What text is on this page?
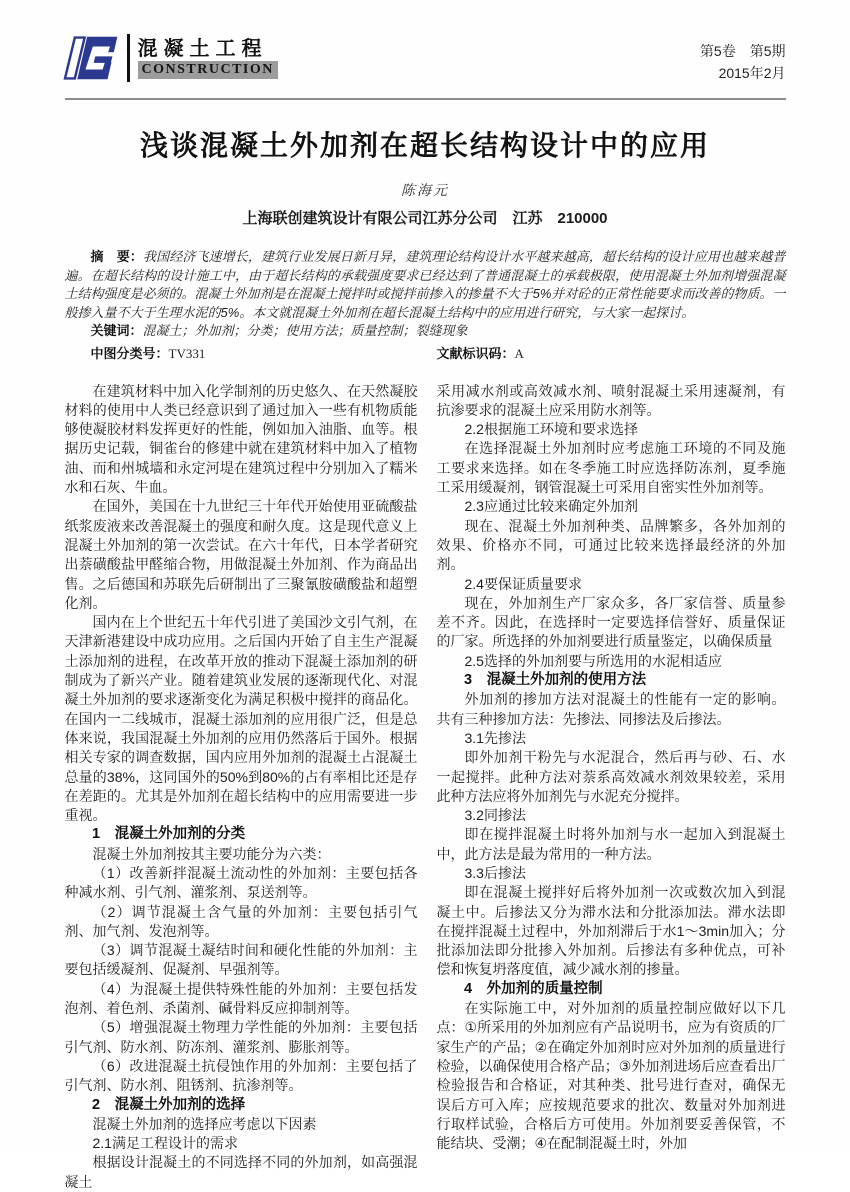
混凝土工程
CONSTRUCTION
第5卷　第5期
2015年2月
浅谈混凝土外加剂在超长结构设计中的应用
陈海元
上海联创建筑设计有限公司江苏分公司　江苏　210000

摘　要：我国经济飞速增长，建筑行业发展日新月异，建筑理论结构设计水平越来越高，超长结构的设计应用也越来越普遍。在超长结构的设计施工中，由于超长结构的承载强度要求已经达到了普通混凝土的承载极限，使用混凝土外加剂增强混凝土结构强度是必须的。混凝土外加剂是在混凝土搅拌时或搅拌前掺入的掺量不大于5%并对砼的正常性能要求而改善的物质。一般掺入量不大于生理水泥的5%。本文就混凝土外加剂在超长混凝土结构中的应用进行研究，与大家一起探讨。

关键词：混凝土；外加剂；分类；使用方法；质量控制；裂缝现象

中图分类号：TV331	文献标识码：A

在建筑材料中加入化学制剂的历史悠久、在天然凝胶材料的使用中人类已经意识到了通过加入一些有机物质能够使凝胶材料发挥更好的性能，例如加入油脂、血等。根据历史记载，铜雀台的修建中就在建筑材料中加入了植物油、而和州城墙和永定河堤在建筑过程中分别加入了糯米水和石灰、牛血。

在国外，美国在十九世纪三十年代开始使用亚硫酸盐纸浆废液来改善混凝土的强度和耐久度。这是现代意义上混凝土外加剂的第一次尝试。在六十年代，日本学者研究出萘磺酸盐甲醛缩合物，用做混凝土外加剂、作为商品出售。之后德国和苏联先后研制出了三聚氰胺磺酸盐和超塑化剂。

国内在上个世纪五十年代引进了美国沙文引气剂，在天津新港建设中成功应用。之后国内开始了自主生产混凝土添加剂的进程，在改革开放的推动下混凝土添加剂的研制成为了新兴产业。随着建筑业发展的逐渐现代化、对混凝土外加剂的要求逐渐变化为满足积极中搅拌的商品化。在国内一二线城市，混凝土添加剂的应用很广泛，但是总体来说，我国混凝土外加剂的应用仍然落后于国外。根据相关专家的调查数据，国内应用外加剂的混凝土占混凝土总量的38%，这同国外的50%到80%的占有率相比还是存在差距的。尤其是外加剂在超长结构中的应用需要进一步重视。

1　混凝土外加剂的分类

混凝土外加剂按其主要功能分为六类：

（1）改善新拌混凝土流动性的外加剂：主要包括各种减水剂、引气剂、灌浆剂、泵送剂等。

（2）调节混凝土含气量的外加剂：主要包括引气剂、加气剂、发泡剂等。

（3）调节混凝土凝结时间和硬化性能的外加剂：主要包括缓凝剂、促凝剂、早强剂等。

（4）为混凝土提供特殊性能的外加剂：主要包括发泡剂、着色剂、杀菌剂、碱骨料反应抑制剂等。

（5）增强混凝土物理力学性能的外加剂：主要包括引气剂、防水剂、防冻剂、灌浆剂、膨胀剂等。

（6）改进混凝土抗侵蚀作用的外加剂：主要包括了引气剂、防水剂、阻锈剂、抗渗剂等。

2　混凝土外加剂的选择

混凝土外加剂的选择应考虑以下因素

2.1满足工程设计的需求

根据设计混凝土的不同选择不同的外加剂，如高强混凝土

采用减水剂或高效减水剂、喷射混凝土采用速凝剂，有抗渗要求的混凝土应采用防水剂等。

2.2根据施工环境和要求选择

在选择混凝土外加剂时应考虑施工环境的不同及施工要求来选择。如在冬季施工时应选择防冻剂，夏季施工采用缓凝剂，钢管混凝土可采用自密实性外加剂等。

2.3应通过比较来确定外加剂

现在、混凝土外加剂种类、品牌繁多，各外加剂的效果、价格亦不同，可通过比较来选择最经济的外加剂。

2.4要保证质量要求

现在，外加剂生产厂家众多，各厂家信誉、质量参差不齐。因此，在选择时一定要选择信誉好、质量保证的厂家。所选择的外加剂要进行质量鉴定，以确保质量

2.5选择的外加剂要与所选用的水泥相适应

3　混凝土外加剂的使用方法

外加剂的掺加方法对混凝土的性能有一定的影响。共有三种掺加方法：先掺法、同掺法及后掺法。

3.1先掺法

即外加剂干粉先与水泥混合，然后再与砂、石、水一起搅拌。此种方法对萘系高效减水剂效果较差，采用此种方法应将外加剂先与水泥充分搅拌。

3.2同掺法

即在搅拌混凝土时将外加剂与水一起加入到混凝土中，此方法是最为常用的一种方法。

3.3后掺法

即在混凝土搅拌好后将外加剂一次或数次加入到混凝土中。后掺法又分为滞水法和分批添加法。滞水法即在搅拌混凝土过程中，外加剂滞后于水1～3min加入；分批添加法即分批掺入外加剂。后掺法有多种优点，可补偿和恢复坍落度值，减少减水剂的掺量。

4　外加剂的质量控制

在实际施工中，对外加剂的质量控制应做好以下几点：①所采用的外加剂应有产品说明书，应为有资质的厂家生产的产品；②在确定外加剂时应对外加剂的质量进行检验，以确保使用合格产品；③外加剂进场后应查看出厂检验报告和合格证，对其种类、批号进行查对，确保无误后方可入库；应按规范要求的批次、数量对外加剂进行取样试验，合格后方可使用。外加剂要妥善保管，不能结块、受潮；④在配制混凝土时，外加
